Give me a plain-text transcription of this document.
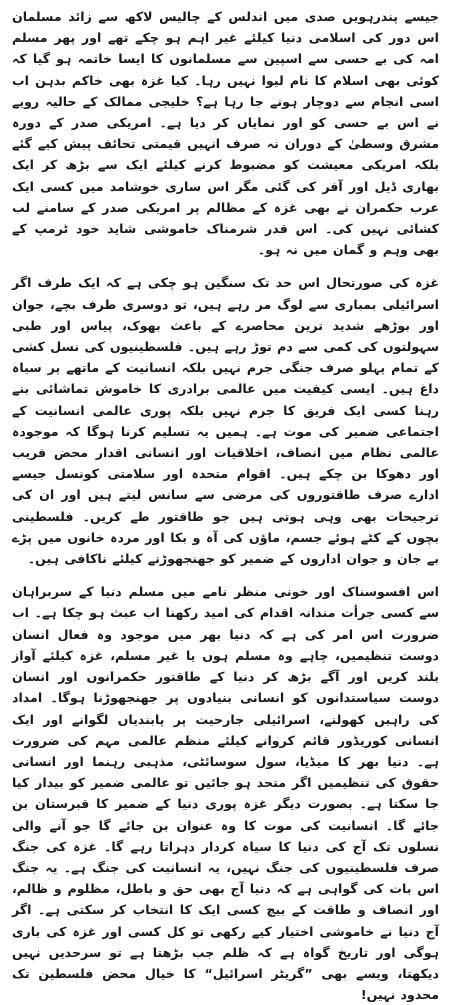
جیسے پندرہویں صدی میں اندلس کے چالیس لاکھ سے زائد مسلمان اس دور کی اسلامی دنیا کیلئے غیر اہم ہو چکے تھے اور پھر مسلم امہ کی بے حسی سے اسپین سے مسلمانوں کا ایسا خاتمہ ہو گیا کہ کوئی بھی اسلام کا نام لیوا نہیں رہا۔ کیا غزہ بھی خاکم بدہن اب اسی انجام سے دوچار ہونے جا رہا ہے؟ خلیجی ممالک کے حالیہ رویے نے اس بے حسی کو اور نمایاں کر دیا ہے۔ امریکی صدر کے دورہ مشرق وسطیٰ کے دوران نہ صرف انہیں قیمتی تحائف پیش کیے گئے بلکہ امریکی معیشت کو مضبوط کرنے کیلئے ایک سے بڑھ کر ایک بھاری ڈیل اور آفر کی گئی مگر اس ساری خوشامد میں کسی ایک عرب حکمران نے بھی غزہ کے مظالم پر امریکی صدر کے سامنے لب کشائی نہیں کی۔ اس قدر شرمناک خاموشی شاید خود ٹرمپ کے بھی وہم و گمان میں نہ ہو۔

غزہ کی صورتحال اس حد تک سنگین ہو چکی ہے کہ ایک طرف اگر اسرائیلی بمباری سے لوگ مر رہے ہیں، تو دوسری طرف بچے، جوان اور بوڑھے شدید ترین محاصرے کے باعث بھوک، پیاس اور طبی سہولتوں کی کمی سے دم توڑ رہے ہیں۔ فلسطینیوں کی نسل کشی کے تمام پہلو صرف جنگی جرم نہیں بلکہ انسانیت کے ماتھے پر سیاہ داغ ہیں۔ ایسی کیفیت میں عالمی برادری کا خاموش تماشائی بنے رہنا کسی ایک فریق کا جرم نہیں بلکہ پوری عالمی انسانیت کے اجتماعی ضمیر کی موت ہے۔ ہمیں یہ تسلیم کرنا ہوگا کہ موجودہ عالمی نظام میں انصاف، اخلاقیات اور انسانی اقدار محض فریب اور دھوکا بن چکے ہیں۔ اقوام متحدہ اور سلامتی کونسل جیسے ادارے صرف طاقتوروں کی مرضی سے سانس لیتے ہیں اور ان کی ترجیحات بھی وہی ہوتی ہیں جو طاقتور طے کریں۔ فلسطینی بچوں کے کٹے ہوئے جسم، ماؤں کی آہ و بکا اور مردہ خانوں میں پڑے بے جان و جوان اداروں کے ضمیر کو جھنجھوڑنے کیلئے ناکافی ہیں۔

اس افسوسناک اور خونی منظر نامے میں مسلم دنیا کے سربراہان سے کسی جرأت مندانہ اقدام کی امید رکھنا اب عبث ہو چکا ہے۔ اب ضرورت اس امر کی ہے کہ دنیا بھر میں موجود وہ فعال انسان دوست تنظیمیں، چاہے وہ مسلم ہوں یا غیر مسلم، غزہ کیلئے آواز بلند کریں اور آگے بڑھ کر دنیا کے طاقتور حکمرانوں اور انسان دوست سیاستدانوں کو انسانی بنیادوں پر جھنجھوڑنا ہوگا۔ امداد کی راہیں کھولنے، اسرائیلی جارحیت پر پابندیاں لگوانے اور ایک انسانی کوریڈور قائم کروانے کیلئے منظم عالمی مہم کی ضرورت ہے۔ دنیا بھر کا میڈیا، سول سوسائٹی، مذہبی رہنما اور انسانی حقوق کی تنظیمیں اگر متحد ہو جائیں تو عالمی ضمیر کو بیدار کیا جا سکتا ہے۔ بصورت دیگر غزہ پوری دنیا کے ضمیر کا قبرستان بن جائے گا۔ انسانیت کی موت کا وہ عنوان بن جائے گا جو آنے والی نسلوں تک آج کی دنیا کا سیاہ کردار دہراتا رہے گا۔ غزہ کی جنگ صرف فلسطینیوں کی جنگ نہیں، یہ انسانیت کی جنگ ہے۔ یہ جنگ اس بات کی گواہی ہے کہ دنیا آج بھی حق و باطل، مظلوم و ظالم، اور انصاف و طاقت کے بیچ کسی ایک کا انتخاب کر سکتی ہے۔ اگر آج دنیا نے خاموشی اختیار کیے رکھی تو کل کسی اور غزہ کی باری ہوگی اور تاریخ گواہ ہے کہ ظلم جب بڑھتا ہے تو سرحدیں نہیں دیکھتا، ویسے بھی ”گریٹر اسرائیل“ کا خیال محض فلسطین تک محدود نہیں!
